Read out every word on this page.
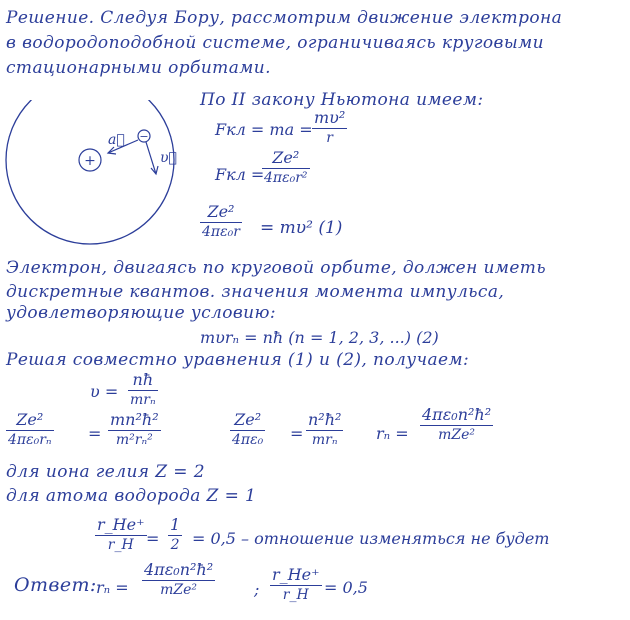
Решение. Следуя Бору, рассмотрим движение электрона
в водородоподобной системе, ограничиваясь круговыми
стационарными орбитами.
По II закону Ньютона имеем:
Fкл = ma =
mυ²
r
Fкл =
Ze²
4πε₀r²
Ze²
4πε₀r = mυ² (1)
+
−
a⃗
υ⃗
Электрон, двигаясь по круговой орбите, должен иметь
дискретные квантов. значения момента импульса,
удовлетворяющие условию:
mυrₙ = nħ (n = 1, 2, 3, ...) (2)
Решая совместно уравнения (1) и (2), получаем:
υ =
nħ
mrₙ
Ze²
4πε₀rₙ =
mn²ħ²
m²rₙ²
Ze²
4πε₀ =
n²ħ²
mrₙ	rₙ =
4πε₀n²ħ²
mZe²
для иона гелия Z = 2
для атома водорода Z = 1
r_He⁺
r_H =
1
2 = 0,5 – отношение изменяться не будет
Ответ: rₙ =
4πε₀n²ħ²
mZe²	;
r_He⁺
r_H = 0,5
